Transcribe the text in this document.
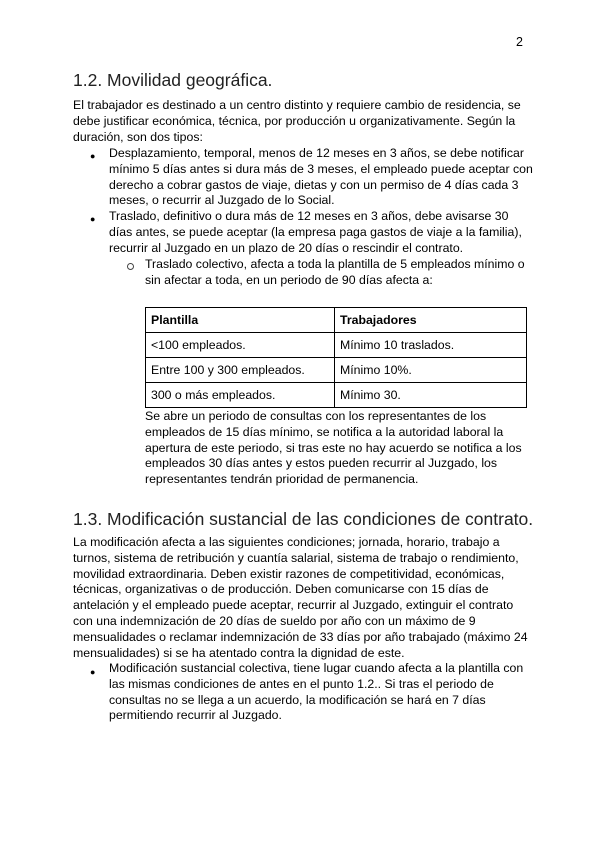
2
1.2. Movilidad geográfica.
El trabajador es destinado a un centro distinto y requiere cambio de residencia, se
debe justificar económica, técnica, por producción u organizativamente. Según la
duración, son dos tipos:
● Desplazamiento, temporal, menos de 12 meses en 3 años, se debe notificar
mínimo 5 días antes si dura más de 3 meses, el empleado puede aceptar con
derecho a cobrar gastos de viaje, dietas y con un permiso de 4 días cada 3
meses, o recurrir al Juzgado de lo Social.
● Traslado, definitivo o dura más de 12 meses en 3 años, debe avisarse 30
días antes, se puede aceptar (la empresa paga gastos de viaje a la familia),
recurrir al Juzgado en un plazo de 20 días o rescindir el contrato.
Traslado colectivo, afecta a toda la plantilla de 5 empleados mínimo o
sin afectar a toda, en un periodo de 90 días afecta a:
Plantilla	Trabajadores
<100 empleados.	Mínimo 10 traslados.
Entre 100 y 300 empleados.	Mínimo 10%.
300 o más empleados.	Mínimo 30.
Se abre un periodo de consultas con los representantes de los
empleados de 15 días mínimo, se notifica a la autoridad laboral la
apertura de este periodo, si tras este no hay acuerdo se notifica a los
empleados 30 días antes y estos pueden recurrir al Juzgado, los
representantes tendrán prioridad de permanencia.
1.3. Modificación sustancial de las condiciones de contrato.
La modificación afecta a las siguientes condiciones; jornada, horario, trabajo a
turnos, sistema de retribución y cuantía salarial, sistema de trabajo o rendimiento,
movilidad extraordinaria. Deben existir razones de competitividad, económicas,
técnicas, organizativas o de producción. Deben comunicarse con 15 días de
antelación y el empleado puede aceptar, recurrir al Juzgado, extinguir el contrato
con una indemnización de 20 días de sueldo por año con un máximo de 9
mensualidades o reclamar indemnización de 33 días por año trabajado (máximo 24
mensualidades) si se ha atentado contra la dignidad de este.
● Modificación sustancial colectiva, tiene lugar cuando afecta a la plantilla con
las mismas condiciones de antes en el punto 1.2.. Si tras el periodo de
consultas no se llega a un acuerdo, la modificación se hará en 7 días
permitiendo recurrir al Juzgado.
